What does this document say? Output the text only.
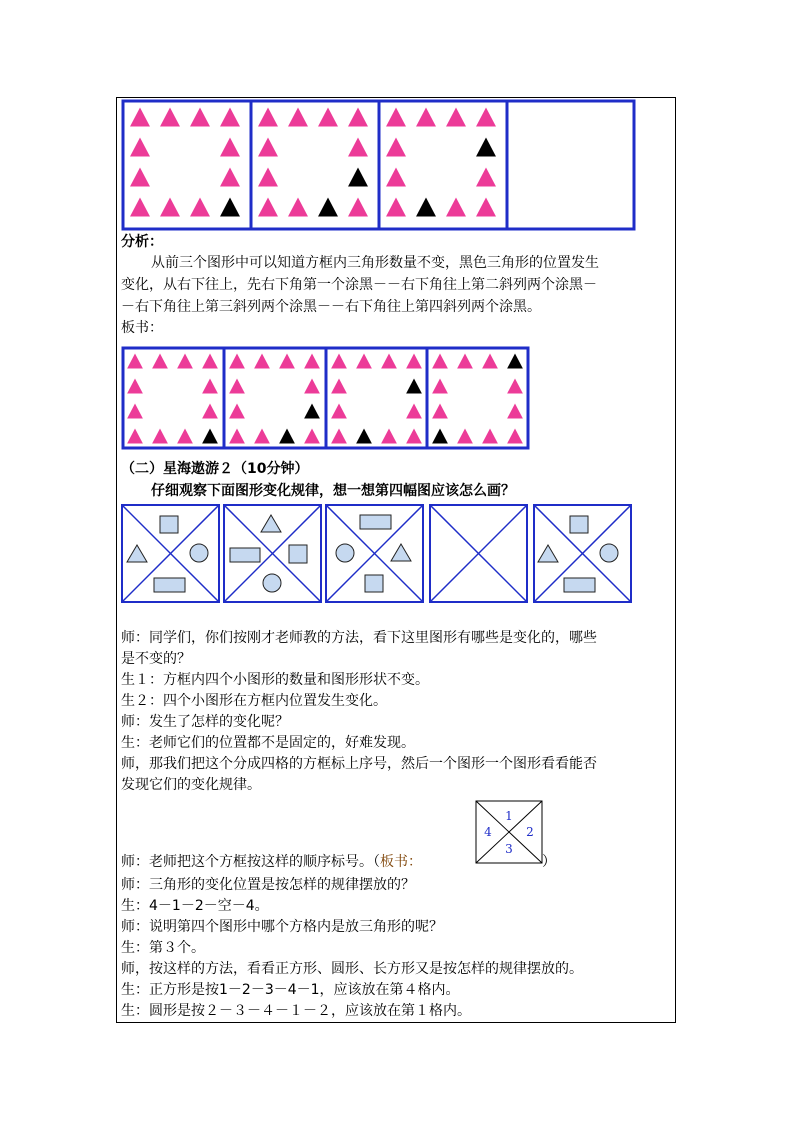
分析：

从前三个图形中可以知道方框内三角形数量不变，黑色三角形的位置发生

变化，从右下往上，先右下角第一个涂黑－－右下角往上第二斜列两个涂黑－

－右下角往上第三斜列两个涂黑－－右下角往上第四斜列两个涂黑。

板书：

（二）星海遨游２（10分钟）

仔细观察下面图形变化规律，想一想第四幅图应该怎么画？

师：同学们，你们按刚才老师教的方法，看下这里图形有哪些是变化的，哪些

是不变的？

生１：方框内四个小图形的数量和图形形状不变。

生２：四个小图形在方框内位置发生变化。

师：发生了怎样的变化呢？

生：老师它们的位置都不是固定的，好难发现。

师，那我们把这个分成四格的方框标上序号，然后一个图形一个图形看看能否

发现它们的变化规律。

师：老师把这个方框按这样的顺序标号。（板书：	）

1
2
3
4

师：三角形的变化位置是按怎样的规律摆放的？

生：4－1－2－空－4。

师：说明第四个图形中哪个方格内是放三角形的呢？

生：第３个。

师，按这样的方法，看看正方形、圆形、长方形又是按怎样的规律摆放的。

生：正方形是按1－2－3－4－1，应该放在第４格内。

生：圆形是按２－３－４－１－２，应该放在第１格内。
